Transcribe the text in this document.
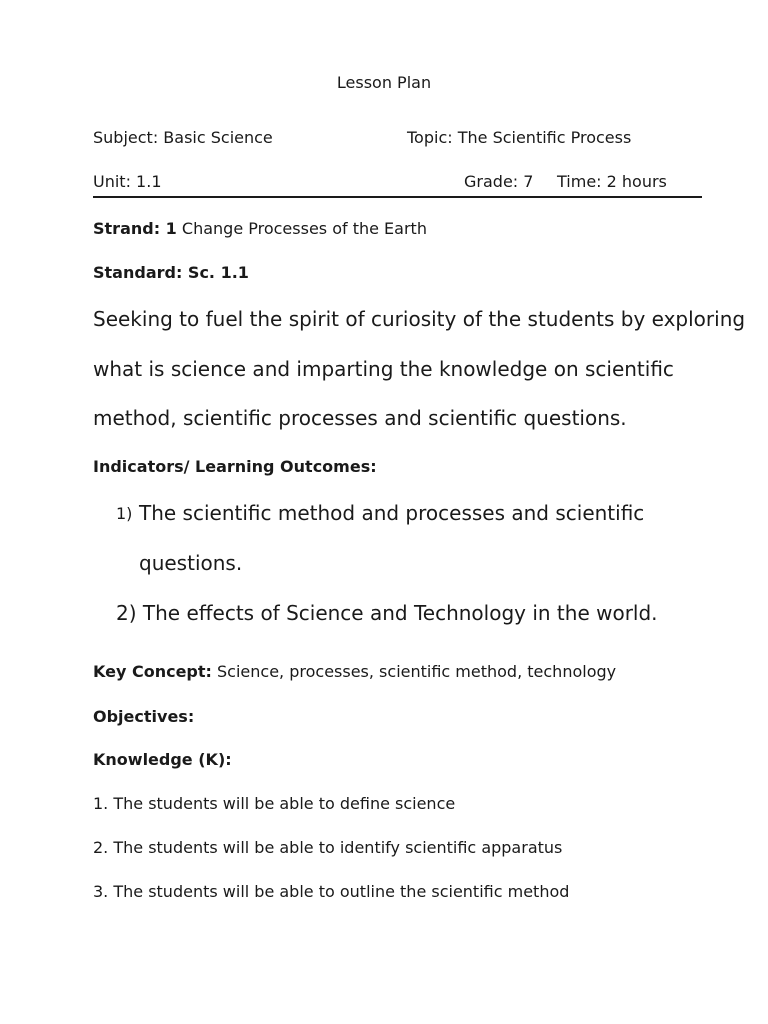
Lesson Plan
Subject: Basic Science	Topic: The Scientific Process
Unit: 1.1	Grade: 7 Time: 2 hours
Strand: 1 Change Processes of the Earth
Standard: Sc. 1.1
Seeking to fuel the spirit of curiosity of the students by exploring
what is science and imparting the knowledge on scientific
method, scientific processes and scientific questions.
Indicators/ Learning Outcomes:
1) The scientific method and processes and scientific
questions.
2) The effects of Science and Technology in the world.
Key Concept: Science, processes, scientific method, technology
Objectives:
Knowledge (K):
1. The students will be able to define science
2. The students will be able to identify scientific apparatus
3. The students will be able to outline the scientific method
